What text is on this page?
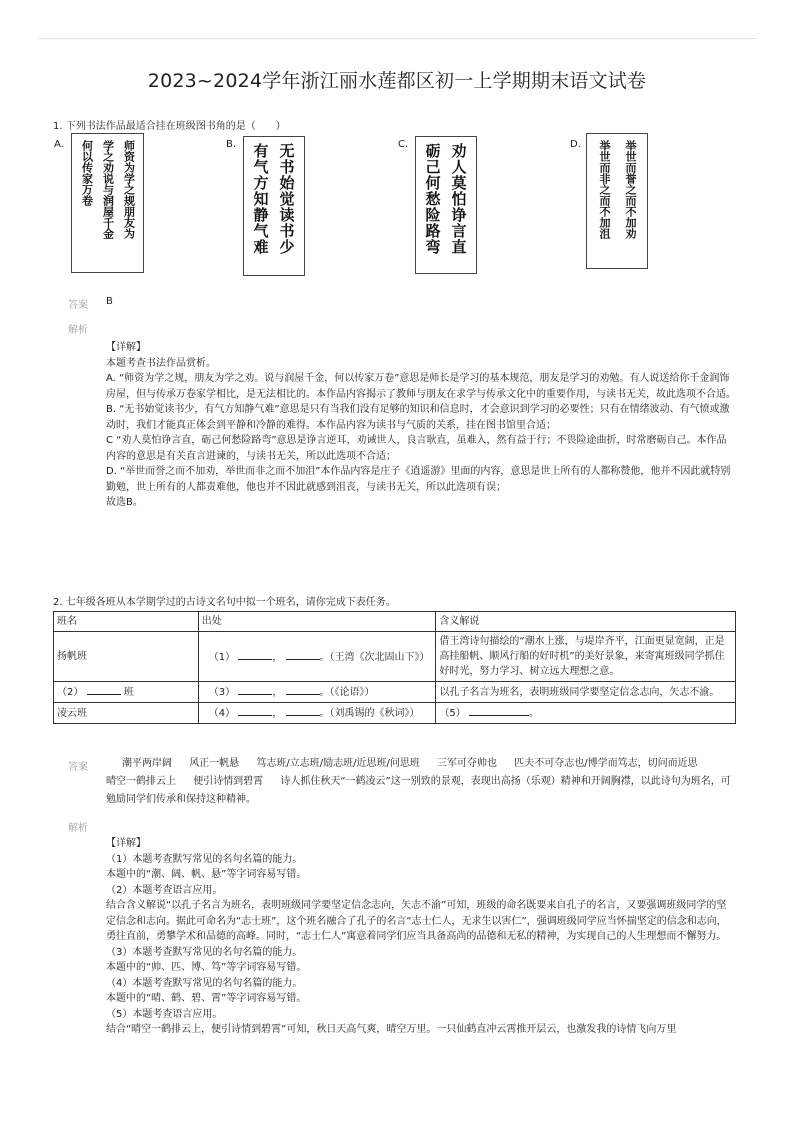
2023~2024学年浙江丽水莲都区初一上学期期末语文试卷
1. 下列书法作品最适合挂在班级图书角的是（　　）
A.	师资为学之规朋友为
学之劝说与润屋千金
何以传家万卷	B.	无书始觉读书少
有气方知静气难	C.	劝人莫怕诤言直
砺己何愁险路弯	D.	举世而誉之而不加劝
举世而非之而不加沮
答案 B
解析

【详解】

本题考查书法作品赏析。

A. “师资为学之规，朋友为学之劝。说与润屋千金，何以传家万卷”意思是师长是学习的基本规范，朋友是学习的劝勉。有人说送给你千金润饰房屋，但与传承万卷家学相比，是无法相比的。本作品内容揭示了教师与朋友在求学与传承文化中的重要作用，与读书无关，故此选项不合适。

B. “无书始觉读书少，有气方知静气难”意思是只有当我们没有足够的知识和信息时，才会意识到学习的必要性；只有在情绪波动、有气愤或激动时，我们才能真正体会到平静和冷静的难得。本作品内容为读书与气质的关系，挂在图书馆里合适；

C “劝人莫怕诤言直，砺己何愁险路弯”意思是诤言逆耳，劝诫世人，良言耿直，虽难入，然有益于行；不畏险途曲折，时常磨砺自己。本作品内容的意思是有关直言进谏的，与读书无关，所以此选项不合适；

D. “举世而誉之而不加劝，举世而非之而不加沮”本作品内容是庄子《逍遥游》里面的内容，意思是世上所有的人都称赞他，他并不因此就特别勤勉，世上所有的人都责难他，他也并不因此就感到沮丧，与读书无关，所以此选项有误；

故选B。

2. 七年级各班从本学期学过的古诗文名句中拟一个班名，请你完成下表任务。
班名	出处	含义解说
扬帆班	（1） ， 。（王湾《次北固山下》）	借王湾诗句描绘的“潮水上涨，与堤岸齐平，江面更显宽阔，正是高挂船帆、顺风行船的好时机”的美好景象，来寄寓班级同学抓住好时光，努力学习、树立远大理想之意。
（2） 班	（3） ， 。（《论语》）	以孔子名言为班名，表明班级同学要坚定信念志向，矢志不渝。
凌云班	（4） ， 。（刘禹锡的《秋词》）	（5） 。
答案	潮平两岸阔 风正一帆悬 笃志班/立志班/励志班/近思班/问思班 三军可夺帅也 匹夫不可夺志也/博学而笃志，切问而近思
晴空一鹤排云上 便引诗情到碧霄 诗人抓住秋天“一鹤凌云”这一别致的景观，表现出高扬（乐观）精神和开阔胸襟，以此诗句为班名，可勉励同学们传承和保持这种精神。
解析

【详解】

（1）本题考查默写常见的名句名篇的能力。

本题中的“潮、阔、帆、悬”等字词容易写错。

（2）本题考查语言应用。

结合含义解说“以孔子名言为班名，表明班级同学要坚定信念志向，矢志不渝”可知，班级的命名既要来自孔子的名言，又要强调班级同学的坚定信念和志向。据此可命名为“志士班”，这个班名融合了孔子的名言“志士仁人，无求生以害仁”，强调班级同学应当怀揣坚定的信念和志向，勇往直前，勇攀学术和品德的高峰。同时，“志士仁人”寓意着同学们应当具备高尚的品德和无私的精神，为实现自己的人生理想而不懈努力。

（3）本题考查默写常见的名句名篇的能力。

本题中的“帅、匹、博、笃”等字词容易写错。

（4）本题考查默写常见的名句名篇的能力。

本题中的“晴、鹤、碧、霄”等字词容易写错。

（5）本题考查语言应用。

结合“晴空一鹤排云上，便引诗情到碧霄”可知，秋日天高气爽，晴空万里。一只仙鹤直冲云霄推开层云，也激发我的诗情飞向万里
